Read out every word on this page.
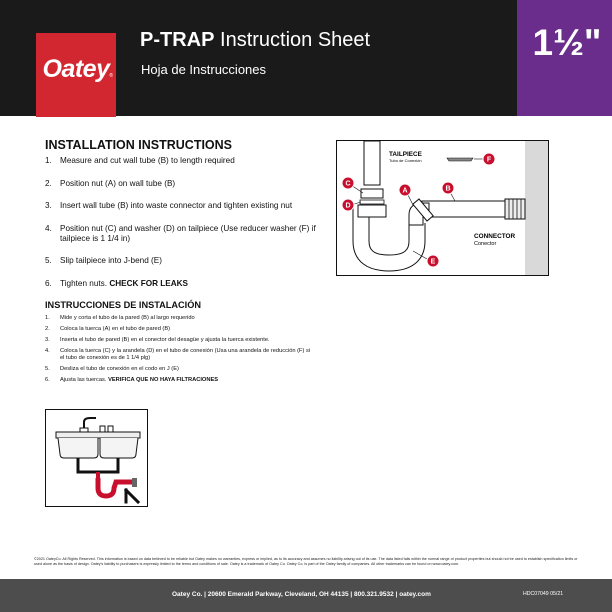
1½"
Oatey ®
P-TRAP Instruction Sheet
Hoja de Instrucciones
INSTALLATION INSTRUCTIONS
1. Measure and cut wall tube (B) to length required
2. Position nut (A) on wall tube (B)
3. Insert wall tube (B) into waste connector and tighten existing nut
4. Position nut (C) and washer (D) on tailpiece (Use reducer washer (F) if tailpiece is 1 1/4 in)
5. Slip tailpiece into J-bend (E)
6. Tighten nuts. CHECK FOR LEAKS
INSTRUCCIONES DE INSTALACIÓN
1. Mide y corta el tubo de la pared (B) al largo requerido
2. Coloca la tuerca (A) en el tubo de pared (B)
3. Inserta el tubo de pared (B) en el conector del desagüe y ajusta la tuerca existente.
4. Coloca la tuerca (C) y la arandela (D) en el tubo de conexión (Usa una arandela de reducción (F) si el tubo de conexión es de 1 1/4 plg)
5. Desliza el tubo de conexión en el codo en J (E)
6. Ajusta las tuercas. VERIFICA QUE NO HAYA FILTRACIONES
TAILPIECE
Tubo de Conexión
CONNECTOR
Conector
C
D
A	B
E
F
©2021 OateyCo. All Rights Reserved. This information is based on data believed to be reliable but Oatey makes no warranties, express or implied, as to its accuracy and assumes no liability arising out of its use. The data listed falls within the normal range of product properties but should not be used to establish specification limits or used alone as the basis of design. Oatey's liability to purchasers is expressly limited to the terms and conditions of sale. Oatey is a trademark of Oatey Co. Oatey Co. is part of the Oatey family of companies. All other trademarks can be found on www.oatey.com.
Oatey Co. | 20600 Emerald Parkway, Cleveland, OH 44135 | 800.321.9532 | oatey.com	HDC07049 05/21
